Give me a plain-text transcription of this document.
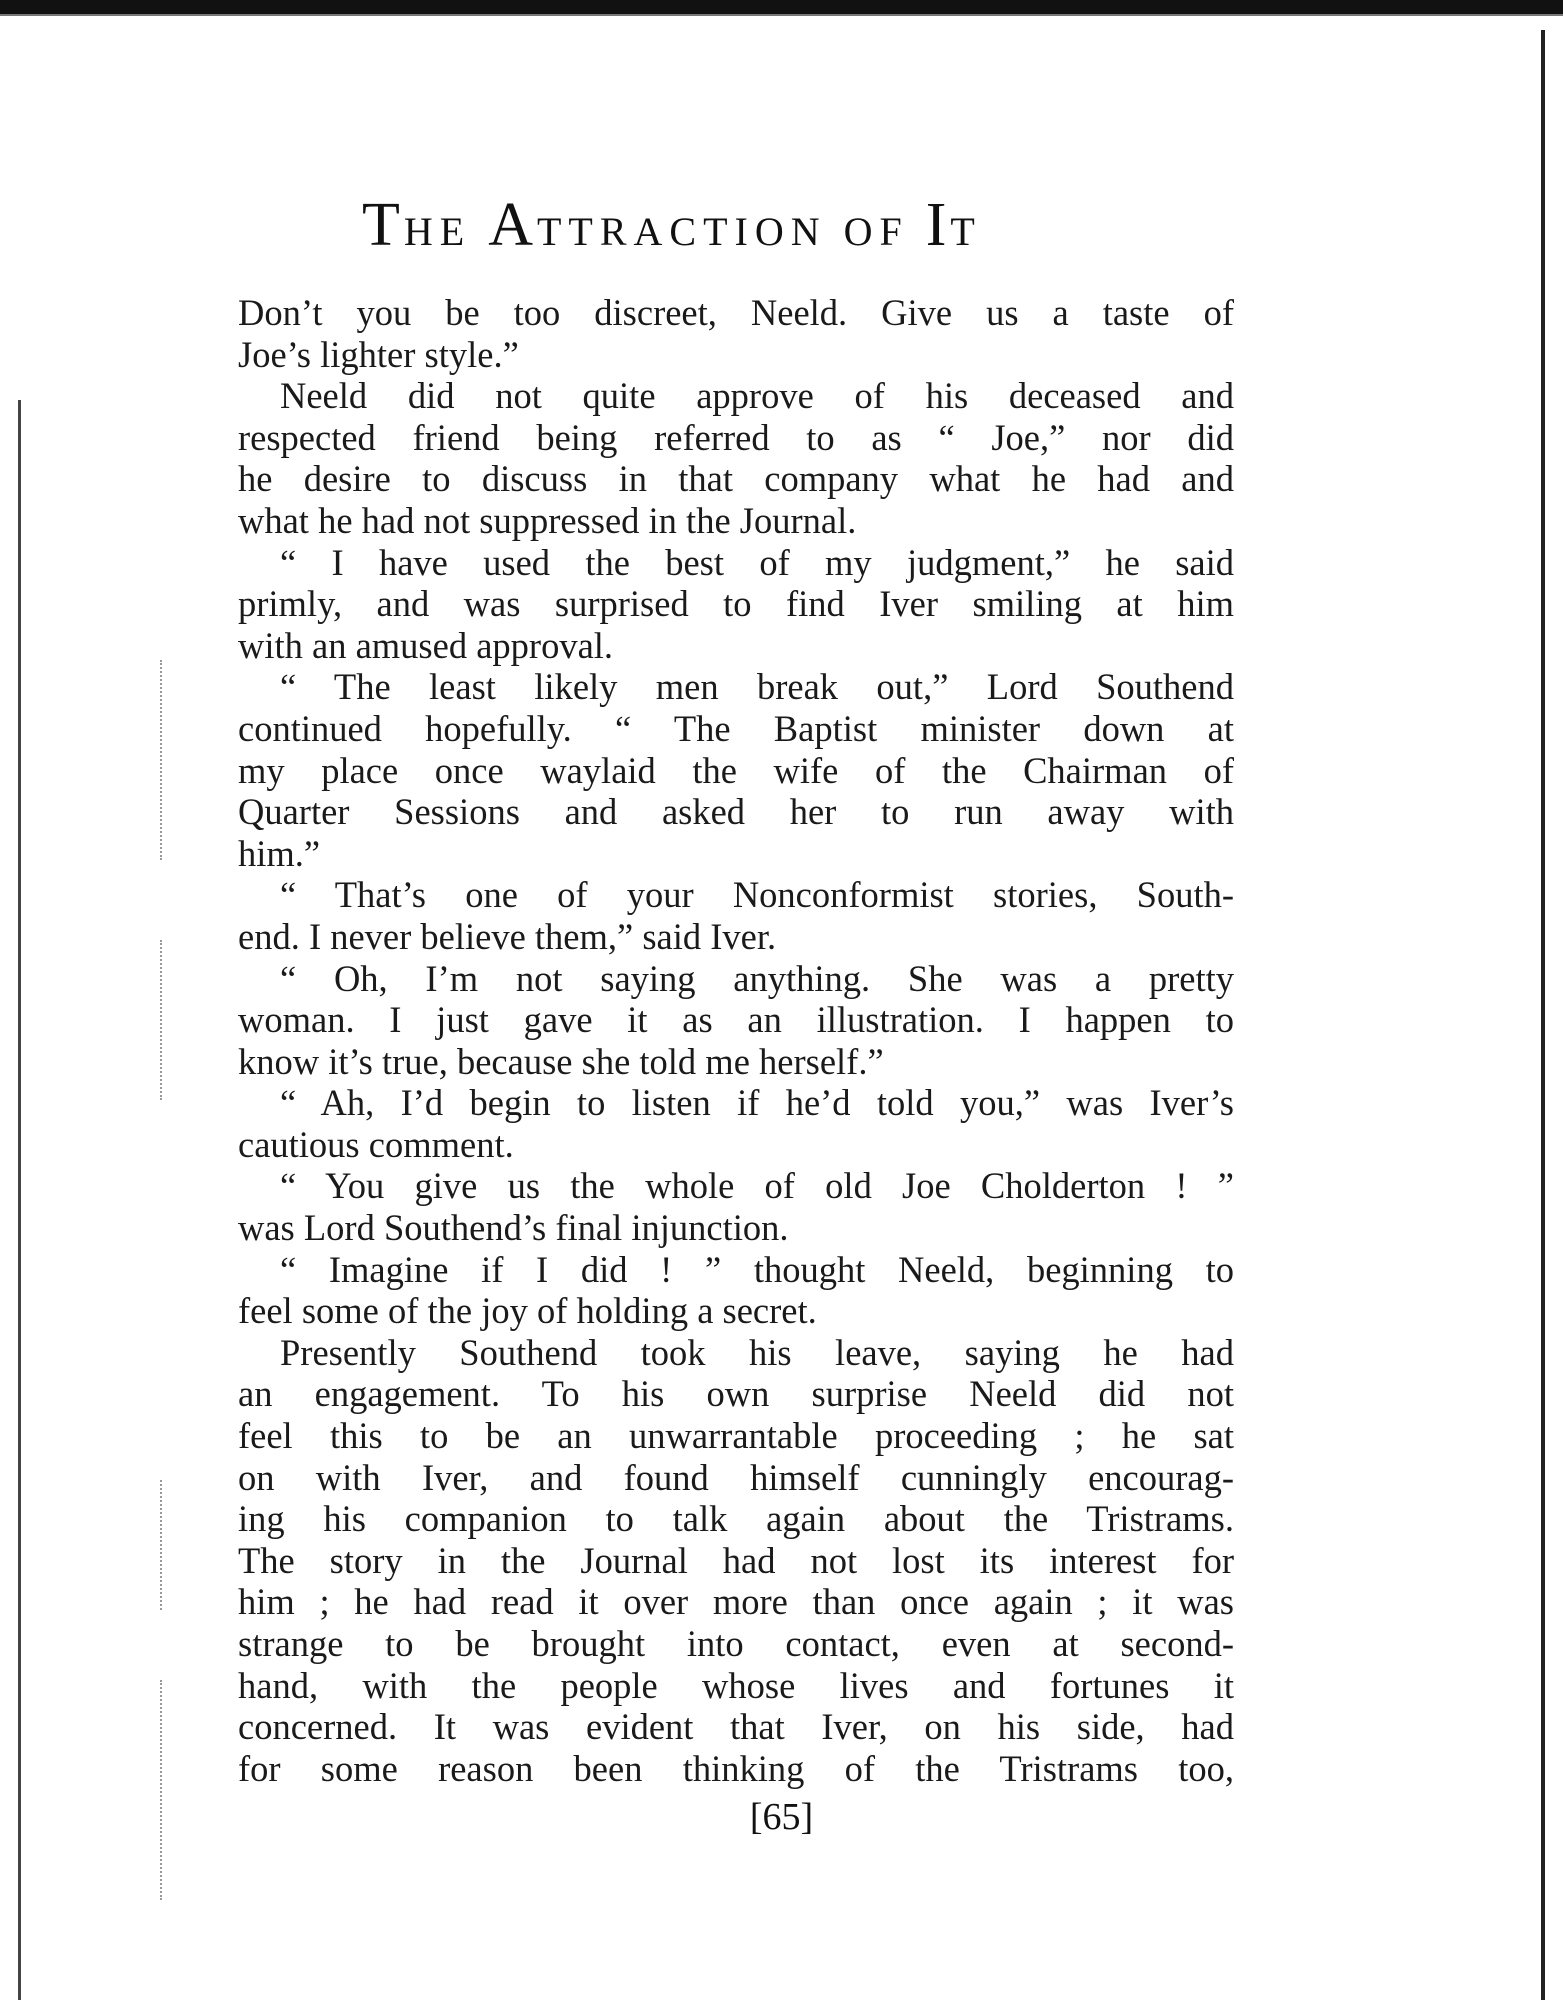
THE ATTRACTION OF IT
Don’t you be too discreet, Neeld. Give us a taste of
Joe’s lighter style.”
Neeld did not quite approve of his deceased and
respected friend being referred to as “ Joe,” nor did
he desire to discuss in that company what he had and
what he had not suppressed in the Journal.
“ I have used the best of my judgment,” he said
primly, and was surprised to find Iver smiling at him
with an amused approval.
“ The least likely men break out,” Lord Southend
continued hopefully. “ The Baptist minister down at
my place once waylaid the wife of the Chairman of
Quarter Sessions and asked her to run away with
him.”
“ That’s one of your Nonconformist stories, South-
end. I never believe them,” said Iver.
“ Oh, I’m not saying anything. She was a pretty
woman. I just gave it as an illustration. I happen to
know it’s true, because she told me herself.”
“ Ah, I’d begin to listen if he’d told you,” was Iver’s
cautious comment.
“ You give us the whole of old Joe Cholderton ! ”
was Lord Southend’s final injunction.
“ Imagine if I did ! ” thought Neeld, beginning to
feel some of the joy of holding a secret.
Presently Southend took his leave, saying he had
an engagement. To his own surprise Neeld did not
feel this to be an unwarrantable proceeding ; he sat
on with Iver, and found himself cunningly encourag-
ing his companion to talk again about the Tristrams.
The story in the Journal had not lost its interest for
him ; he had read it over more than once again ; it was
strange to be brought into contact, even at second-
hand, with the people whose lives and fortunes it
concerned. It was evident that Iver, on his side, had
for some reason been thinking of the Tristrams too,
[65]
